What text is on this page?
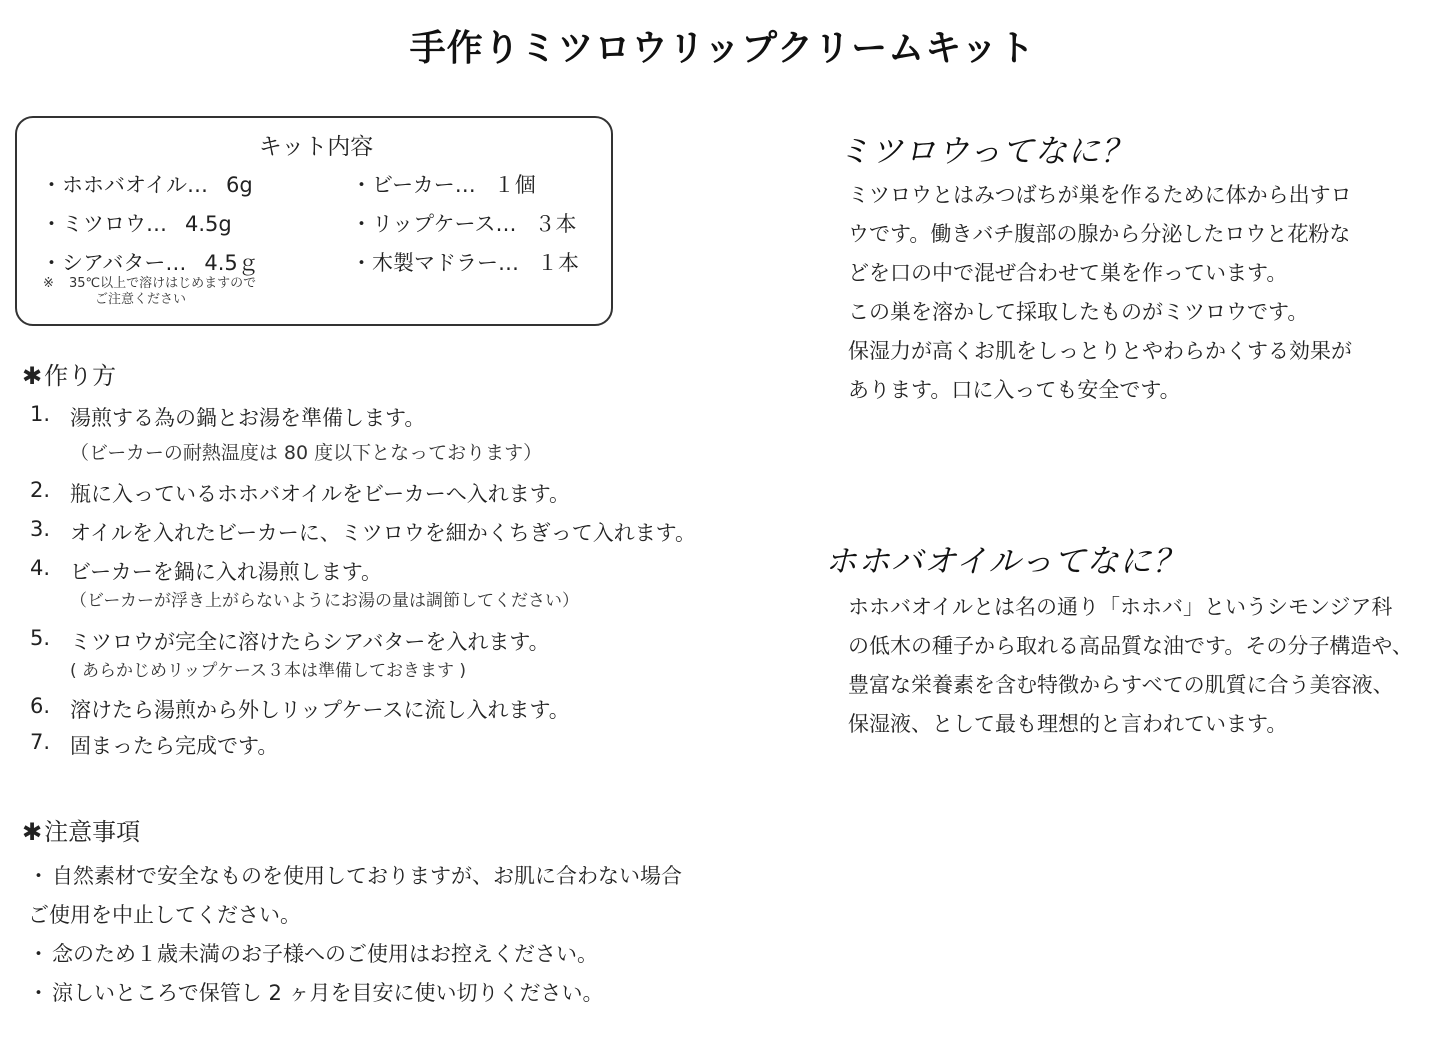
手作りミツロウリップクリームキット
キット内容
・ホホバオイル… 6g
・ミツロウ… 4.5g
・シアバター… 4.5ｇ
・ビーカー… １個
・リップケース… ３本
・木製マドラー… １本
※ 35℃以上で溶けはじめますので
ご注意ください
✱作り方
1. 湯煎する為の鍋とお湯を準備します。
（ビーカーの耐熱温度は 80 度以下となっております）
2. 瓶に入っているホホバオイルをビーカーへ入れます。
3. オイルを入れたビーカーに、ミツロウを細かくちぎって入れます。
4. ビーカーを鍋に入れ湯煎します。
（ビーカーが浮き上がらないようにお湯の量は調節してください）
5. ミツロウが完全に溶けたらシアバターを入れます。
( あらかじめリップケース３本は準備しておきます )
6. 溶けたら湯煎から外しリップケースに流し入れます。
7. 固まったら完成です。
✱注意事項
・ 自然素材で安全なものを使用しておりますが、お肌に合わない場合
ご使用を中止してください。
・ 念のため１歳未満のお子様へのご使用はお控えください。
・ 涼しいところで保管し 2 ヶ月を目安に使い切りください。
ミツロウってなに？
ミツロウとはみつばちが巣を作るために体から出すロ
ウです。働きバチ腹部の腺から分泌したロウと花粉な
どを口の中で混ぜ合わせて巣を作っています。
この巣を溶かして採取したものがミツロウです。
保湿力が高くお肌をしっとりとやわらかくする効果が
あります。口に入っても安全です。
ホホバオイルってなに？
ホホバオイルとは名の通り「ホホバ」というシモンジア科
の低木の種子から取れる高品質な油です。その分子構造や、
豊富な栄養素を含む特徴からすべての肌質に合う美容液、
保湿液、として最も理想的と言われています。
